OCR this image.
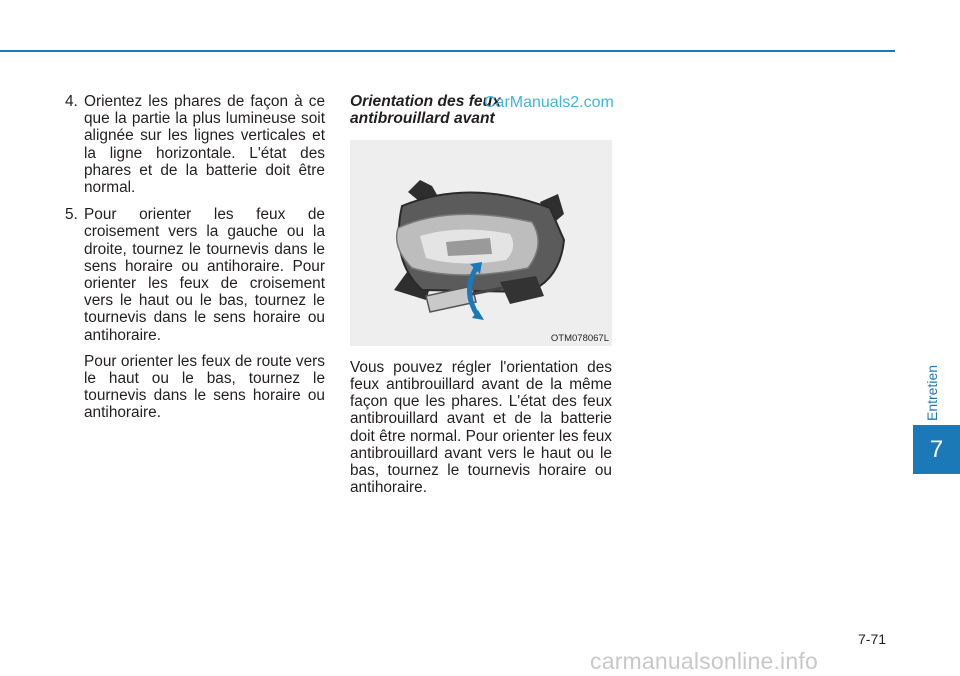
4. Orientez les phares de façon à ce que la partie la plus lumineuse soit alignée sur les lignes verticales et la ligne horizontale. L'état des phares et de la batterie doit être normal.

5. Pour orienter les feux de croisement vers la gauche ou la droite, tournez le tournevis dans le sens horaire ou antihoraire. Pour orienter les feux de croisement vers le haut ou le bas, tournez le tournevis dans le sens horaire ou antihoraire.

Pour orienter les feux de route vers le haut ou le bas, tournez le tournevis dans le sens horaire ou antihoraire.

Orientation des feux
antibrouillard avant
OTM078067L

Vous pouvez régler l'orientation des feux antibrouillard avant de la même façon que les phares. L'état des feux antibrouillard avant et de la batterie doit être normal. Pour orienter les feux antibrouillard avant vers le haut ou le bas, tournez le tournevis horaire ou antihoraire.

CarManuals2.com
Entretien
7
7-71
carmanualsonline.info
